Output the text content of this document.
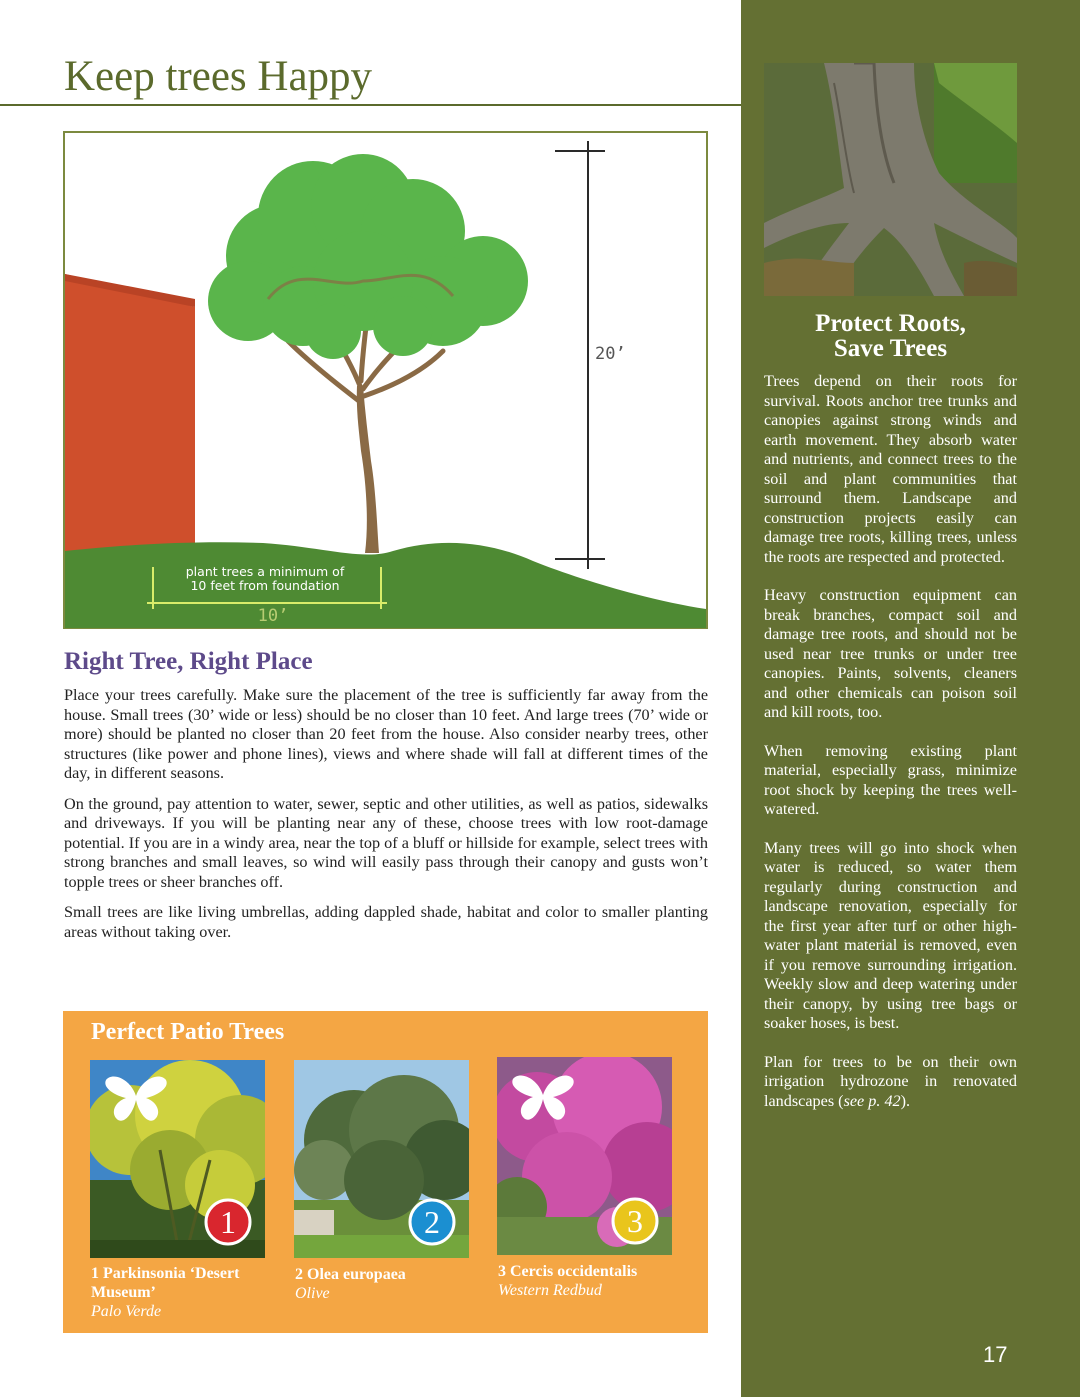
Keep trees Happy
20’
plant trees a minimum of
10 feet from foundation
10’
Right Tree, Right Place

Place your trees carefully. Make sure the placement of the tree is sufficiently far away from the house. Small trees (30’ wide or less) should be no closer than 10 feet. And large trees (70’ wide or more) should be planted no closer than 20 feet from the house. Also consider nearby trees, other structures (like power and phone lines), views and where shade will fall at different times of the day, in different seasons.

On the ground, pay attention to water, sewer, septic and other utilities, as well as patios, sidewalks and driveways. If you will be planting near any of these, choose trees with low root-damage potential. If you are in a windy area, near the top of a bluff or hillside for example, select trees with strong branches and small leaves, so wind will easily pass through their canopy and gusts won’t topple trees or sheer branches off.

Small trees are like living umbrellas, adding dappled shade, habitat and color to smaller planting areas without taking over.

Perfect Patio Trees
1
1 Parkinsonia ‘Desert
Museum’
Palo Verde
2
2 Olea europaea
Olive
3
3 Cercis occidentalis
Western Redbud
Protect Roots,
Save Trees

Trees depend on their roots for survival. Roots anchor tree trunks and canopies against strong winds and earth movement. They absorb water and nutrients, and connect trees to the soil and plant communities that surround them. Landscape and construction projects easily can damage tree roots, killing trees, unless the roots are respected and protected.

Heavy construction equipment can break branches, compact soil and damage tree roots, and should not be used near tree trunks or under tree canopies. Paints, solvents, cleaners and other chemicals can poison soil and kill roots, too.

When removing existing plant material, especially grass, minimize root shock by keeping the trees well-watered.

Many trees will go into shock when water is reduced, so water them regularly during construction and landscape renovation, especially for the first year after turf or other high-water plant material is removed, even if you remove surrounding irrigation. Weekly slow and deep watering under their canopy, by using tree bags or soaker hoses, is best.

Plan for trees to be on their own irrigation hydrozone in renovated landscapes (see p. 42).

17
